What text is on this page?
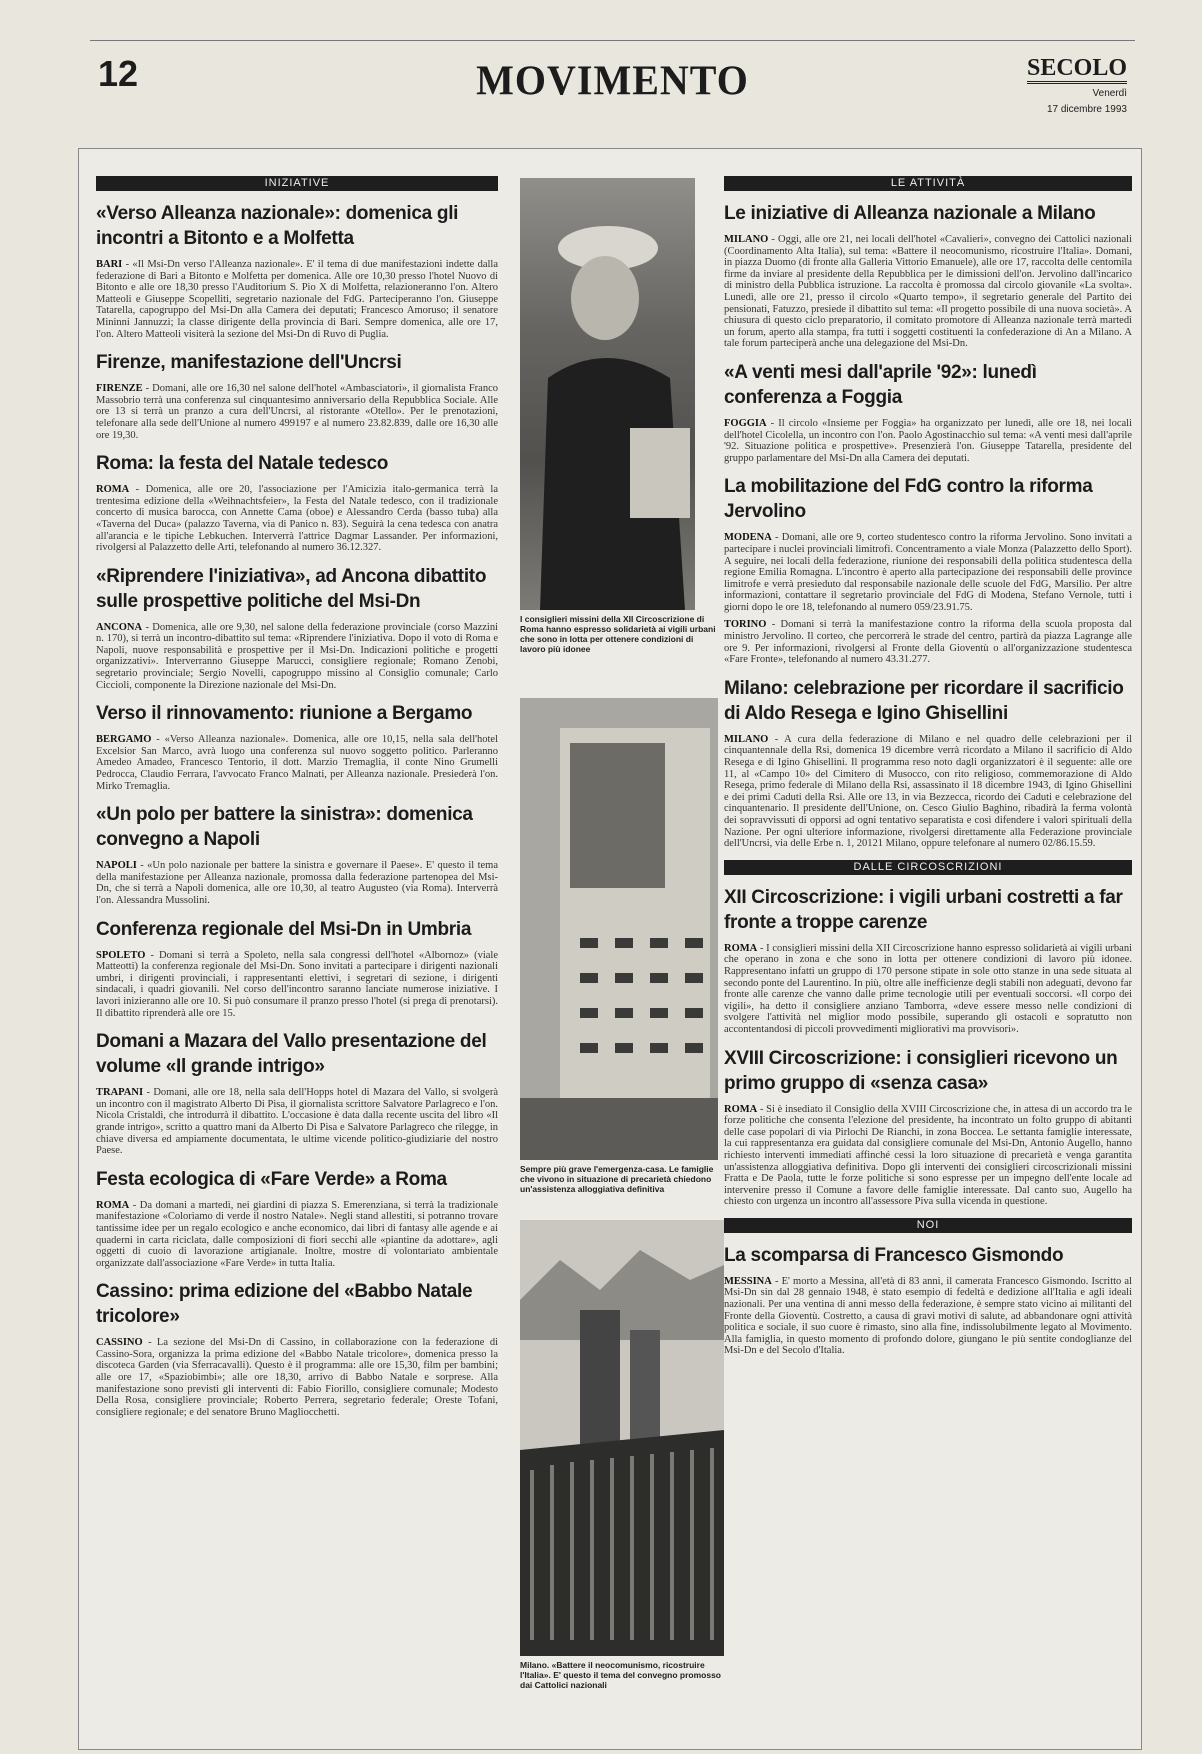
12	MOVIMENTO	SECOLO
Venerdì
17 dicembre 1993
INIZIATIVE
«Verso Alleanza nazionale»: domenica gli incontri a Bitonto e a Molfetta

BARI - «Il Msi-Dn verso l'Alleanza nazionale». E' il tema di due manifestazioni indette dalla federazione di Bari a Bitonto e Molfetta per domenica. Alle ore 10,30 presso l'hotel Nuovo di Bitonto e alle ore 18,30 presso l'Auditorium S. Pio X di Molfetta, relazioneranno l'on. Altero Matteoli e Giuseppe Scopelliti, segretario nazionale del FdG. Parteciperanno l'on. Giuseppe Tatarella, capogruppo del Msi-Dn alla Camera dei deputati; Francesco Amoruso; il senatore Mininni Jannuzzi; la classe dirigente della provincia di Bari. Sempre domenica, alle ore 17, l'on. Altero Matteoli visiterà la sezione del Msi-Dn di Ruvo di Puglia.

Firenze, manifestazione dell'Uncrsi

FIRENZE - Domani, alle ore 16,30 nel salone dell'hotel «Ambasciatori», il giornalista Franco Massobrio terrà una conferenza sul cinquantesimo anniversario della Repubblica Sociale. Alle ore 13 si terrà un pranzo a cura dell'Uncrsi, al ristorante «Otello». Per le prenotazioni, telefonare alla sede dell'Unione al numero 499197 e al numero 23.82.839, dalle ore 16,30 alle ore 19,30.

Roma: la festa del Natale tedesco

ROMA - Domenica, alle ore 20, l'associazione per l'Amicizia italo-germanica terrà la trentesima edizione della «Weihnachtsfeier», la Festa del Natale tedesco, con il tradizionale concerto di musica barocca, con Annette Cama (oboe) e Alessandro Cerda (basso tuba) alla «Taverna del Duca» (palazzo Taverna, via di Panico n. 83). Seguirà la cena tedesca con anatra all'arancia e le tipiche Lebkuchen. Interverrà l'attrice Dagmar Lassander. Per informazioni, rivolgersi al Palazzetto delle Arti, telefonando al numero 36.12.327.

«Riprendere l'iniziativa», ad Ancona dibattito sulle prospettive politiche del Msi-Dn

ANCONA - Domenica, alle ore 9,30, nel salone della federazione provinciale (corso Mazzini n. 170), si terrà un incontro-dibattito sul tema: «Riprendere l'iniziativa. Dopo il voto di Roma e Napoli, nuove responsabilità e prospettive per il Msi-Dn. Indicazioni politiche e progetti organizzativi». Interverranno Giuseppe Marucci, consigliere regionale; Romano Zenobi, segretario provinciale; Sergio Novelli, capogruppo missino al Consiglio comunale; Carlo Ciccioli, componente la Direzione nazionale del Msi-Dn.

Verso il rinnovamento: riunione a Bergamo

BERGAMO - «Verso Alleanza nazionale». Domenica, alle ore 10,15, nella sala dell'hotel Excelsior San Marco, avrà luogo una conferenza sul nuovo soggetto politico. Parleranno Amedeo Amadeo, Francesco Tentorio, il dott. Marzio Tremaglia, il conte Nino Grumelli Pedrocca, Claudio Ferrara, l'avvocato Franco Malnati, per Alleanza nazionale. Presiederà l'on. Mirko Tremaglia.

«Un polo per battere la sinistra»: domenica convegno a Napoli

NAPOLI - «Un polo nazionale per battere la sinistra e governare il Paese». E' questo il tema della manifestazione per Alleanza nazionale, promossa dalla federazione partenopea del Msi-Dn, che si terrà a Napoli domenica, alle ore 10,30, al teatro Augusteo (via Roma). Interverrà l'on. Alessandra Mussolini.

Conferenza regionale del Msi-Dn in Umbria

SPOLETO - Domani si terrà a Spoleto, nella sala congressi dell'hotel «Albornoz» (viale Matteotti) la conferenza regionale del Msi-Dn. Sono invitati a partecipare i dirigenti nazionali umbri, i dirigenti provinciali, i rappresentanti elettivi, i segretari di sezione, i dirigenti sindacali, i quadri giovanili. Nel corso dell'incontro saranno lanciate numerose iniziative. I lavori inizieranno alle ore 10. Si può consumare il pranzo presso l'hotel (si prega di prenotarsi). Il dibattito riprenderà alle ore 15.

Domani a Mazara del Vallo presentazione del volume «Il grande intrigo»

TRAPANI - Domani, alle ore 18, nella sala dell'Hopps hotel di Mazara del Vallo, si svolgerà un incontro con il magistrato Alberto Di Pisa, il giornalista scrittore Salvatore Parlagreco e l'on. Nicola Cristaldi, che introdurrà il dibattito. L'occasione è data dalla recente uscita del libro «Il grande intrigo», scritto a quattro mani da Alberto Di Pisa e Salvatore Parlagreco che rilegge, in chiave diversa ed ampiamente documentata, le ultime vicende politico-giudiziarie del nostro Paese.

Festa ecologica di «Fare Verde» a Roma

ROMA - Da domani a martedì, nei giardini di piazza S. Emerenziana, si terrà la tradizionale manifestazione «Coloriamo di verde il nostro Natale». Negli stand allestiti, si potranno trovare tantissime idee per un regalo ecologico e anche economico, dai libri di fantasy alle agende e ai quaderni in carta riciclata, dalle composizioni di fiori secchi alle «piantine da adottare», agli oggetti di cuoio di lavorazione artigianale. Inoltre, mostre di volontariato ambientale organizzate dall'associazione «Fare Verde» in tutta Italia.

Cassino: prima edizione del «Babbo Natale tricolore»

CASSINO - La sezione del Msi-Dn di Cassino, in collaborazione con la federazione di Cassino-Sora, organizza la prima edizione del «Babbo Natale tricolore», domenica presso la discoteca Garden (via Sferracavalli). Questo è il programma: alle ore 15,30, film per bambini; alle ore 17, «Spaziobimbi»; alle ore 18,30, arrivo di Babbo Natale e sorprese. Alla manifestazione sono previsti gli interventi di: Fabio Fiorillo, consigliere comunale; Modesto Della Rosa, consigliere provinciale; Roberto Perrera, segretario federale; Oreste Tofani, consigliere regionale; e del senatore Bruno Magliocchetti.

I consiglieri missini della XII Circoscrizione di Roma hanno espresso solidarietà ai vigili urbani che sono in lotta per ottenere condizioni di lavoro più idonee
Sempre più grave l'emergenza-casa. Le famiglie che vivono in situazione di precarietà chiedono un'assistenza alloggiativa definitiva
Milano. «Battere il neocomunismo, ricostruire l'Italia». E' questo il tema del convegno promosso dai Cattolici nazionali
LE ATTIVITÀ
Le iniziative di Alleanza nazionale a Milano

MILANO - Oggi, alle ore 21, nei locali dell'hotel «Cavalieri», convegno dei Cattolici nazionali (Coordinamento Alta Italia), sul tema: «Battere il neocomunismo, ricostruire l'Italia». Domani, in piazza Duomo (di fronte alla Galleria Vittorio Emanuele), alle ore 17, raccolta delle centomila firme da inviare al presidente della Repubblica per le dimissioni dell'on. Jervolino dall'incarico di ministro della Pubblica istruzione. La raccolta è promossa dal circolo giovanile «La svolta». Lunedì, alle ore 21, presso il circolo «Quarto tempo», il segretario generale del Partito dei pensionati, Fatuzzo, presiede il dibattito sul tema: «Il progetto possibile di una nuova società». A chiusura di questo ciclo preparatorio, il comitato promotore di Alleanza nazionale terrà martedì un forum, aperto alla stampa, fra tutti i soggetti costituenti la confederazione di An a Milano. A tale forum parteciperà anche una delegazione del Msi-Dn.

«A venti mesi dall'aprile '92»: lunedì conferenza a Foggia

FOGGIA - Il circolo «Insieme per Foggia» ha organizzato per lunedì, alle ore 18, nei locali dell'hotel Cicolella, un incontro con l'on. Paolo Agostinacchio sul tema: «A venti mesi dall'aprile '92. Situazione politica e prospettive». Presenzierà l'on. Giuseppe Tatarella, presidente del gruppo parlamentare del Msi-Dn alla Camera dei deputati.

La mobilitazione del FdG contro la riforma Jervolino

MODENA - Domani, alle ore 9, corteo studentesco contro la riforma Jervolino. Sono invitati a partecipare i nuclei provinciali limitrofi. Concentramento a viale Monza (Palazzetto dello Sport). A seguire, nei locali della federazione, riunione dei responsabili della politica studentesca della regione Emilia Romagna. L'incontro è aperto alla partecipazione dei responsabili delle province limitrofe e verrà presieduto dal responsabile nazionale delle scuole del FdG, Marsilio. Per altre informazioni, contattare il segretario provinciale del FdG di Modena, Stefano Vernole, tutti i giorni dopo le ore 18, telefonando al numero 059/23.91.75.

TORINO - Domani si terrà la manifestazione contro la riforma della scuola proposta dal ministro Jervolino. Il corteo, che percorrerà le strade del centro, partirà da piazza Lagrange alle ore 9. Per informazioni, rivolgersi al Fronte della Gioventù o all'organizzazione studentesca «Fare Fronte», telefonando al numero 43.31.277.

Milano: celebrazione per ricordare il sacrificio di Aldo Resega e Igino Ghisellini

MILANO - A cura della federazione di Milano e nel quadro delle celebrazioni per il cinquantennale della Rsi, domenica 19 dicembre verrà ricordato a Milano il sacrificio di Aldo Resega e di Igino Ghisellini. Il programma reso noto dagli organizzatori è il seguente: alle ore 11, al «Campo 10» del Cimitero di Musocco, con rito religioso, commemorazione di Aldo Resega, primo federale di Milano della Rsi, assassinato il 18 dicembre 1943, di Igino Ghisellini e dei primi Caduti della Rsi. Alle ore 13, in via Bezzecca, ricordo dei Caduti e celebrazione del cinquantenario. Il presidente dell'Unione, on. Cesco Giulio Baghino, ribadirà la ferma volontà dei sopravvissuti di opporsi ad ogni tentativo separatista e così difendere i valori spirituali della Nazione. Per ogni ulteriore informazione, rivolgersi direttamente alla Federazione provinciale dell'Uncrsi, via delle Erbe n. 1, 20121 Milano, oppure telefonare al numero 02/86.15.59.

DALLE CIRCOSCRIZIONI
XII Circoscrizione: i vigili urbani costretti a far fronte a troppe carenze

ROMA - I consiglieri missini della XII Circoscrizione hanno espresso solidarietà ai vigili urbani che operano in zona e che sono in lotta per ottenere condizioni di lavoro più idonee. Rappresentano infatti un gruppo di 170 persone stipate in sole otto stanze in una sede situata al secondo ponte del Laurentino. In più, oltre alle inefficienze degli stabili non adeguati, devono far fronte alle carenze che vanno dalle prime tecnologie utili per eventuali soccorsi. «Il corpo dei vigili», ha detto il consigliere anziano Tamborra, «deve essere messo nelle condizioni di svolgere l'attività nel miglior modo possibile, superando gli ostacoli e sopratutto non accontentandosi di piccoli provvedimenti migliorativi ma provvisori».

XVIII Circoscrizione: i consiglieri ricevono un primo gruppo di «senza casa»

ROMA - Si è insediato il Consiglio della XVIII Circoscrizione che, in attesa di un accordo tra le forze politiche che consenta l'elezione del presidente, ha incontrato un folto gruppo di abitanti delle case popolari di via Pirlochi De Rianchi, in zona Boccea. Le settanta famiglie interessate, la cui rappresentanza era guidata dal consigliere comunale del Msi-Dn, Antonio Augello, hanno richiesto interventi immediati affinché cessi la loro situazione di precarietà e venga garantita un'assistenza alloggiativa definitiva. Dopo gli interventi dei consiglieri circoscrizionali missini Fratta e De Paola, tutte le forze politiche si sono espresse per un impegno dell'ente locale ad intervenire presso il Comune a favore delle famiglie interessate. Dal canto suo, Augello ha chiesto con urgenza un incontro all'assessore Piva sulla vicenda in questione.

NOI
La scomparsa di Francesco Gismondo

MESSINA - E' morto a Messina, all'età di 83 anni, il camerata Francesco Gismondo. Iscritto al Msi-Dn sin dal 28 gennaio 1948, è stato esempio di fedeltà e dedizione all'Italia e agli ideali nazionali. Per una ventina di anni messo della federazione, è sempre stato vicino ai militanti del Fronte della Gioventù. Costretto, a causa di gravi motivi di salute, ad abbandonare ogni attività politica e sociale, il suo cuore è rimasto, sino alla fine, indissolubilmente legato al Movimento. Alla famiglia, in questo momento di profondo dolore, giungano le più sentite condoglianze del Msi-Dn e del Secolo d'Italia.
